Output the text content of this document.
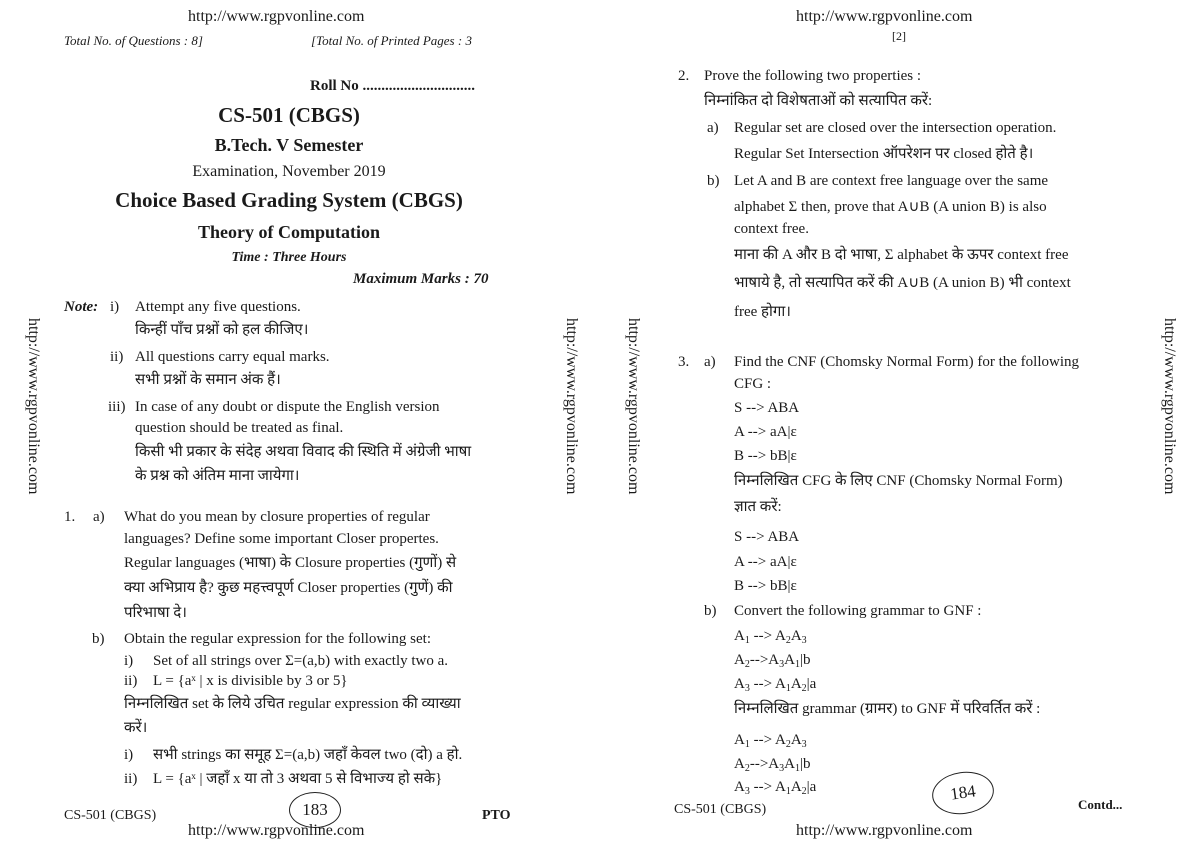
http://www.rgpvonline.com
Total No. of Questions : 8]	[Total No. of Printed Pages : 3
Roll No ..............................
CS-501 (CBGS)
B.Tech. V Semester
Examination, November 2019
Choice Based Grading System (CBGS)
Theory of Computation
Time : Three Hours
Maximum Marks : 70
Note: i) Attempt any five questions.
किन्हीं पाँच प्रश्नों को हल कीजिए।
ii) All questions carry equal marks.
सभी प्रश्नों के समान अंक हैं।
iii) In case of any doubt or dispute the English version
question should be treated as final.
किसी भी प्रकार के संदेह अथवा विवाद की स्थिति में अंग्रेजी भाषा
के प्रश्न को अंतिम माना जायेगा।
1. a) What do you mean by closure properties of regular
languages? Define some important Closer propertes.
Regular languages (भाषा) के Closure properties (गुणों) से
क्या अभिप्राय है? कुछ महत्त्वपूर्ण Closer properties (गुणें) की
परिभाषा दे।
b) Obtain the regular expression for the following set:
i) Set of all strings over Σ=(a,b) with exactly two a.
ii) L = {aˣ | x is divisible by 3 or 5}
निम्नलिखित set के लिये उचित regular expression की व्याख्या
करें।
i) सभी strings का समूह Σ=(a,b) जहाँ केवल two (दो) a हो.
ii) L = {aˣ | जहाँ x या तो 3 अथवा 5 से विभाज्य हो सके}
CS-501 (CBGS)	183	PTO
http://www.rgpvonline.com
http://www.rgpvonline.com	http://www.rgpvonline.com
http://www.rgpvonline.com
[2]
2. Prove the following two properties :
निम्नांकित दो विशेषताओं को सत्यापित करें:
a) Regular set are closed over the intersection operation.
Regular Set Intersection ऑपरेशन पर closed होते है।
b) Let A and B are context free language over the same
alphabet Σ then, prove that A∪B (A union B) is also
context free.
माना की A और B दो भाषा, Σ alphabet के ऊपर context free
भाषाये है, तो सत्यापित करें की A∪B (A union B) भी context
free होगा।
3. a) Find the CNF (Chomsky Normal Form) for the following
CFG :
S --> ABA
A --> aA|ε
B --> bB|ε
निम्नलिखित CFG के लिए CNF (Chomsky Normal Form)
ज्ञात करें:
S --> ABA
A --> aA|ε
B --> bB|ε
b) Convert the following grammar to GNF :
$A_1$ --> $A_2A_3$
$A_2-->A_3A_1|b$
$A_3$ --> $A_1A_2|a$
निम्नलिखित grammar (ग्रामर) to GNF में परिवर्तित करें :
$A_1$ --> $A_2A_3$
$A_2-->A_3A_1|b$
$A_3$ --> $A_1A_2|a$
CS-501 (CBGS)
184
Contd...
http://www.rgpvonline.com
http://www.rgpvonline.com	http://www.rgpvonline.com
